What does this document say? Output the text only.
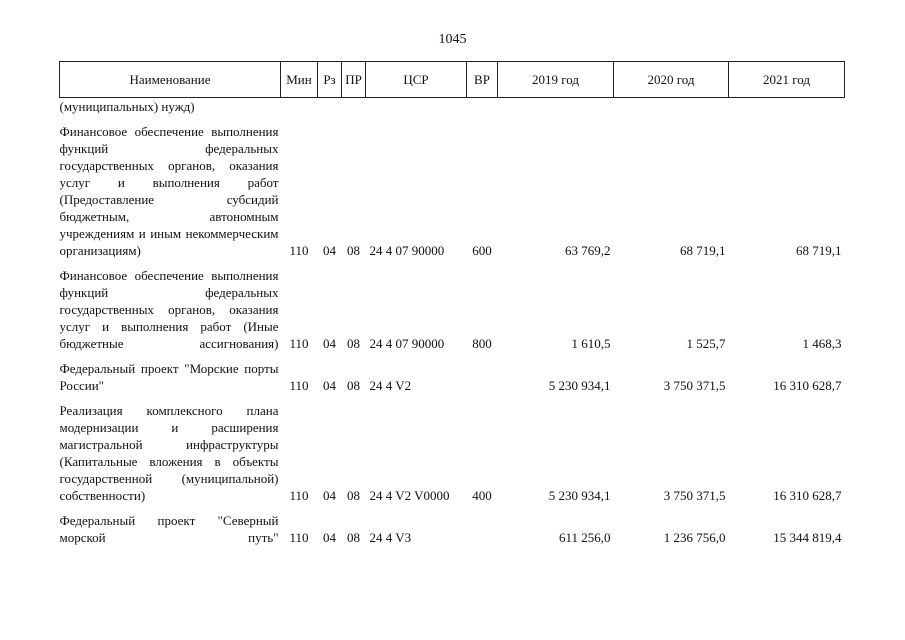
1045
Наименование	Мин	Рз	ПР	ЦСР	ВР	2019 год	2020 год	2021 год
(муниципальных) нужд)								

Финансовое обеспечение выполнения функций федеральных государственных органов, оказания услуг и выполнения работ (Предоставление субсидий бюджетным, автономным учреждениям и иным некоммерческим организациям)	110	04	08	24 4 07 90000	600	63 769,2	68 719,1	68 719,1

Финансовое обеспечение выполнения функций федеральных государственных органов, оказания услуг и выполнения работ (Иные бюджетные ассигнования)	110	04	08	24 4 07 90000	800	1 610,5	1 525,7	1 468,3

Федеральный проект "Морские порты России"	110	04	08	24 4 V2		5 230 934,1	3 750 371,5	16 310 628,7

Реализация комплексного плана модернизации и расширения магистральной инфраструктуры (Капитальные вложения в объекты государственной (муниципальной) собственности)	110	04	08	24 4 V2 V0000	400	5 230 934,1	3 750 371,5	16 310 628,7

Федеральный проект "Северный морской путь"	110	04	08	24 4 V3		611 256,0	1 236 756,0	15 344 819,4
